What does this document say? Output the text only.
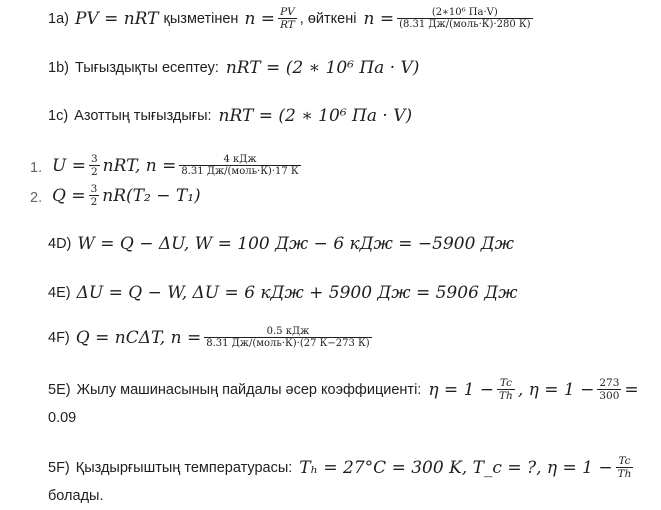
1a) PV = nRT қызметінен $n = \frac{PV}{RT}$ , өйткені $n = \frac{\text{(2∗10⁶ Па·V)}}{\text{(8.31 Дж/(моль·К)·280 К)}}$
1b) Тығыздықты есептеу: nRT = (2 ∗ 10⁶ Па · V)
1c) Азоттың тығыздығы: nRT = (2 ∗ 10⁶ Па · V)
1. $U = \frac{3}{2}$ nRT, $n = \frac{\text{4 кДж}}{\text{8.31 Дж/(моль·К)·17 К}}$
2. $Q = \frac{3}{2} nR(T_2 - T_1)$
4D) W = Q − ΔU, W = 100 Дж − 6 кДж = −5900 Дж
4E) ΔU = Q − W, ΔU = 6 кДж + 5900 Дж = 5906 Дж
4F) Q = nCΔT, $n = \frac{\text{0.5 кДж}}{\text{8.31 Дж/(моль·К)·(27 К−273 К)}}$
5E) Жылу машинасының пайдалы әсер коэффициенті: $\eta = 1 - \frac{Tc}{Th}$ , $\eta = 1 - \frac{273}{300}$ =
0.09
5F) Қыздырғыштың температурасы: Tₕ = 27°C = 300 K, T_c = ?, $\eta = 1 - \frac{Tc}{Th}$
болады.
